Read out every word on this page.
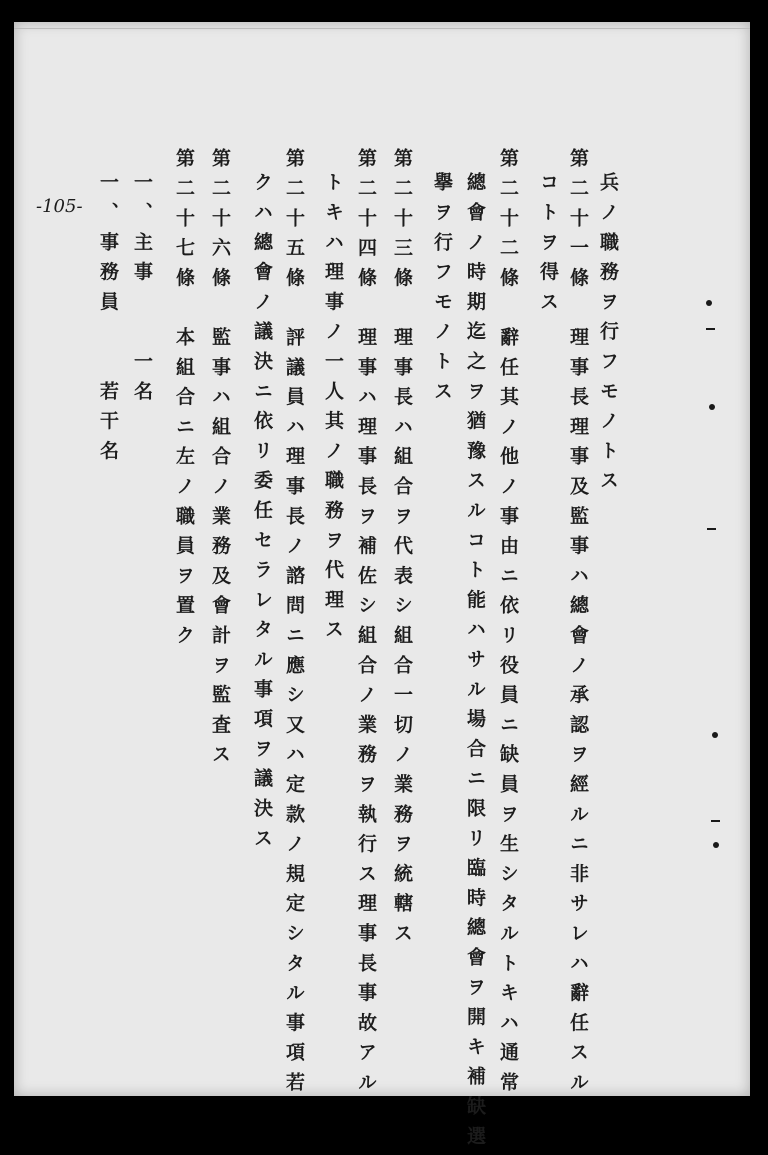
-105-	兵ノ職務ヲ行フモノトス
第二十一條　理事長理事及監事ハ總會ノ承認ヲ經ルニ非サレハ辭任スル
コトヲ得ス
第二十二條　辭任其ノ他ノ事由ニ依リ役員ニ缺員ヲ生シタルトキハ通常
總會ノ時期迄之ヲ猶豫スルコト能ハサル場合ニ限リ臨時總會ヲ開キ補缺選
擧ヲ行フモノトス
第二十三條　理事長ハ組合ヲ代表シ組合一切ノ業務ヲ統轄ス
第二十四條　理事ハ理事長ヲ補佐シ組合ノ業務ヲ執行ス理事長事故アル
トキハ理事ノ一人其ノ職務ヲ代理ス
第二十五條　評議員ハ理事長ノ諮問ニ應シ又ハ定款ノ規定シタル事項若
クハ總會ノ議決ニ依リ委任セラレタル事項ヲ議決ス
第二十六條　監事ハ組合ノ業務及會計ヲ監査ス
第二十七條　本組合ニ左ノ職員ヲ置ク
一、主事　　一名
一、事務員　　若干名
